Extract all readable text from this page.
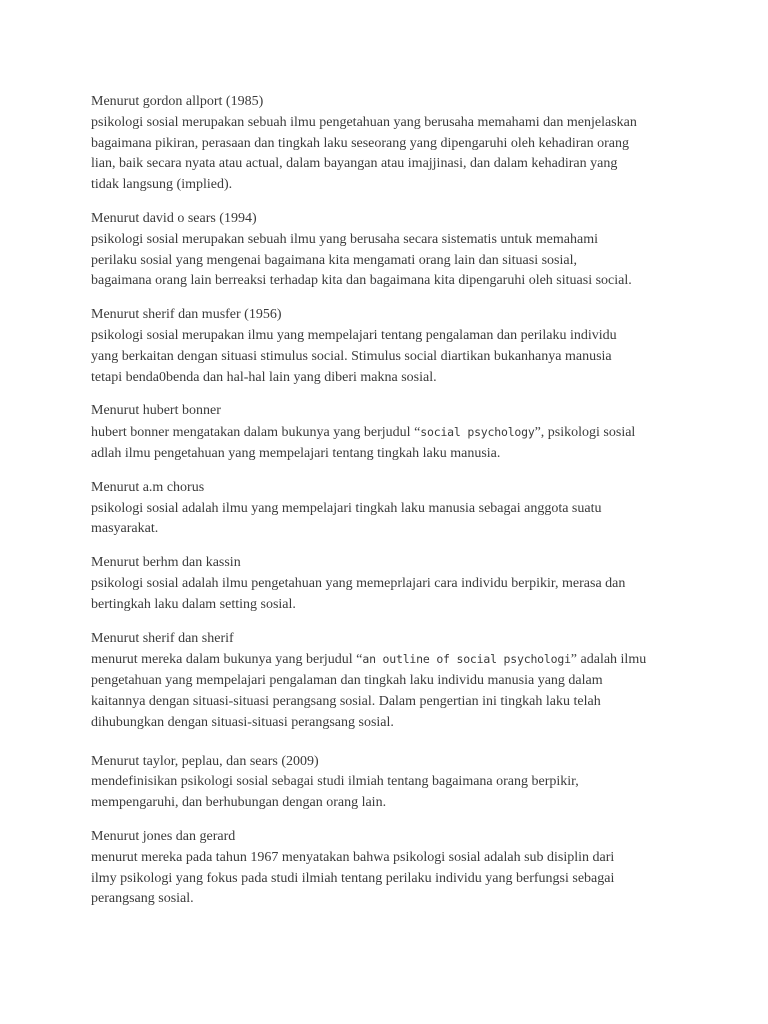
Menurut gordon allport (1985)
psikologi sosial merupakan sebuah ilmu pengetahuan yang berusaha memahami dan menjelaskan
bagaimana pikiran, perasaan dan tingkah laku seseorang yang dipengaruhi oleh kehadiran orang
lian, baik secara nyata atau actual, dalam bayangan atau imajjinasi, dan dalam kehadiran yang
tidak langsung (implied).
Menurut david o sears (1994)
psikologi sosial merupakan sebuah ilmu yang berusaha secara sistematis untuk memahami
perilaku sosial yang mengenai bagaimana kita mengamati orang lain dan situasi sosial,
bagaimana orang lain berreaksi terhadap kita dan bagaimana kita dipengaruhi oleh situasi social.
Menurut sherif dan musfer (1956)
psikologi sosial merupakan ilmu yang mempelajari tentang pengalaman dan perilaku individu
yang berkaitan dengan situasi stimulus social. Stimulus social diartikan bukanhanya manusia
tetapi benda0benda dan hal-hal lain yang diberi makna sosial.
Menurut hubert bonner
hubert bonner mengatakan dalam bukunya yang berjudul “social psychology”, psikologi sosial
adlah ilmu pengetahuan yang mempelajari tentang tingkah laku manusia.
Menurut a.m chorus
psikologi sosial adalah ilmu yang mempelajari tingkah laku manusia sebagai anggota suatu
masyarakat.
Menurut berhm dan kassin
psikologi sosial adalah ilmu pengetahuan yang memeprlajari cara individu berpikir, merasa dan
bertingkah laku dalam setting sosial.
Menurut sherif dan sherif
menurut mereka dalam bukunya yang berjudul “an outline of social psychologi” adalah ilmu
pengetahuan yang mempelajari pengalaman dan tingkah laku individu manusia yang dalam
kaitannya dengan situasi-situasi perangsang sosial. Dalam pengertian ini tingkah laku telah
dihubungkan dengan situasi-situasi perangsang sosial.
Menurut taylor, peplau, dan sears (2009)
mendefinisikan psikologi sosial sebagai studi ilmiah tentang bagaimana orang berpikir,
mempengaruhi, dan berhubungan dengan orang lain.
Menurut jones dan gerard
menurut mereka pada tahun 1967 menyatakan bahwa psikologi sosial adalah sub disiplin dari
ilmy psikologi yang fokus pada studi ilmiah tentang perilaku individu yang berfungsi sebagai
perangsang sosial.
